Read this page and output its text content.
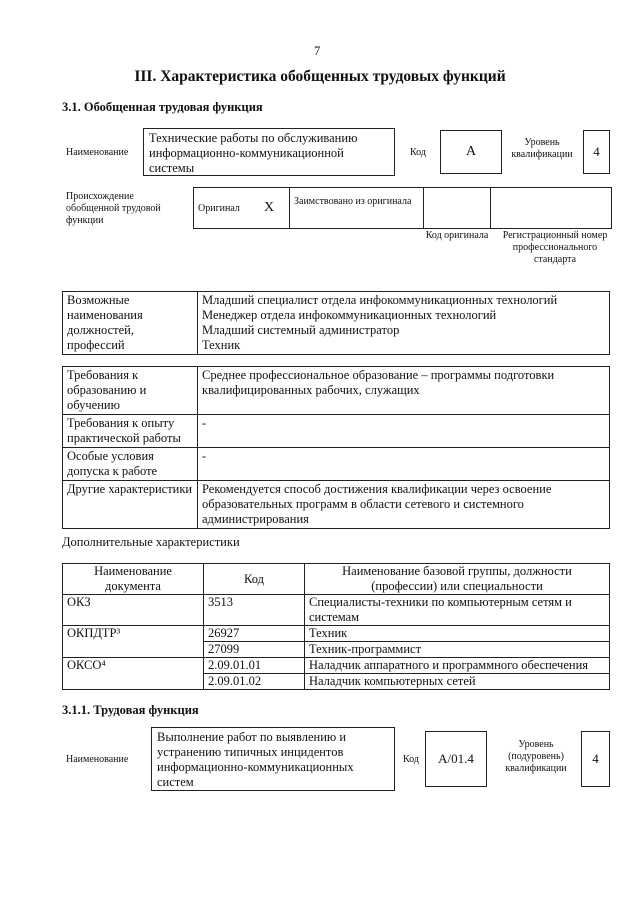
7
III. Характеристика обобщенных трудовых функций
3.1. Обобщенная трудовая функция
Наименование
Технические работы по обслуживанию информационно-коммуникационной системы
Код	A
Уровень квалификации	4
Происхождение обобщенной трудовой функции
Оригинал X Заимствовано из оригинала
Код оригинала	Регистрационный номер профессионального стандарта
Возможные наименования должностей, профессий	
Младший специалист отдела инфокоммуникационных технологий
Менеджер отдела инфокоммуникационных технологий
Младший системный администратор
Техник
Требования к образованию и обучению	Среднее профессиональное образование – программы подготовки квалифицированных рабочих, служащих
Требования к опыту практической работы	-
Особые условия допуска к работе	-
Другие характеристики	Рекомендуется способ достижения квалификации через освоение образовательных программ в области сетевого и системного администрирования
Дополнительные характеристики
Наименование документа	Код	Наименование базовой группы, должности (профессии) или специальности
ОКЗ	3513	Специалисты-техники по компьютерным сетям и системам
ОКПДТР³	26927	Техник
	27099	Техник-программист
ОКСО⁴	2.09.01.01	Наладчик аппаратного и программного обеспечения
	2.09.01.02	Наладчик компьютерных сетей
3.1.1. Трудовая функция
Наименование
Выполнение работ по выявлению и устранению типичных инцидентов информационно-коммуникационных систем
Код	A/01.4
Уровень (подуровень) квалификации
4
